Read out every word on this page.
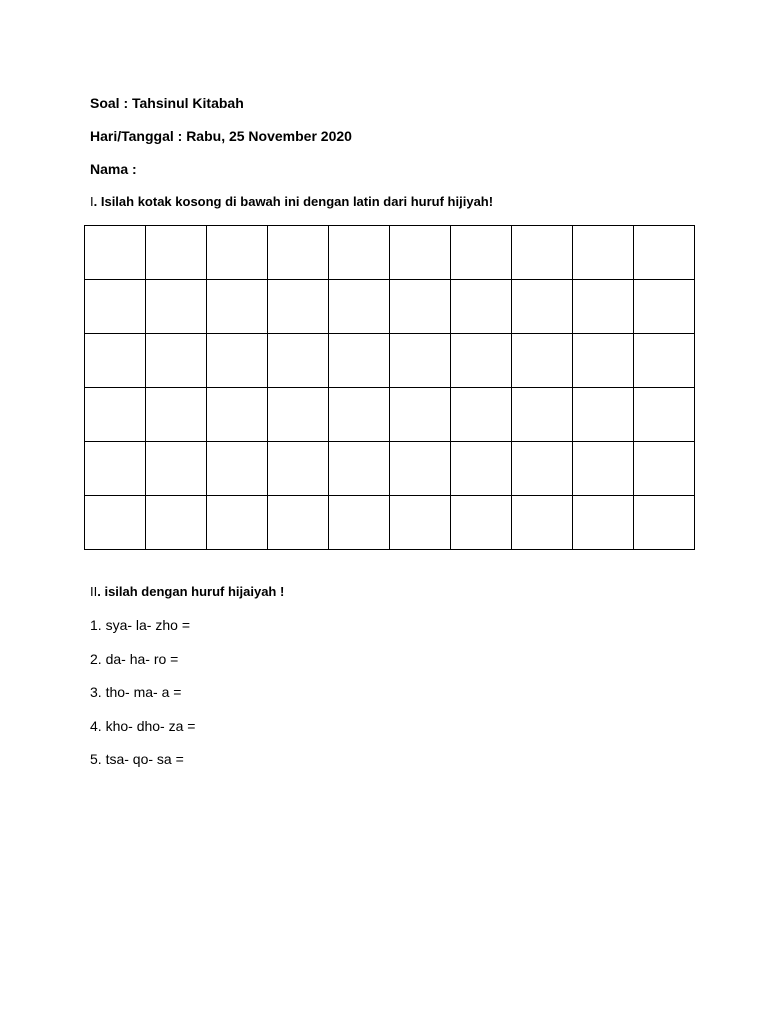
Soal : Tahsinul Kitabah
Hari/Tanggal : Rabu, 25 November 2020
Nama :
I. Isilah kotak kosong di bawah ini dengan latin dari huruf hijiyah!

II. isilah dengan huruf hijaiyah !
1. sya- la- zho =
2. da- ha- ro =
3. tho- ma- a =
4. kho- dho- za =
5. tsa- qo- sa =
